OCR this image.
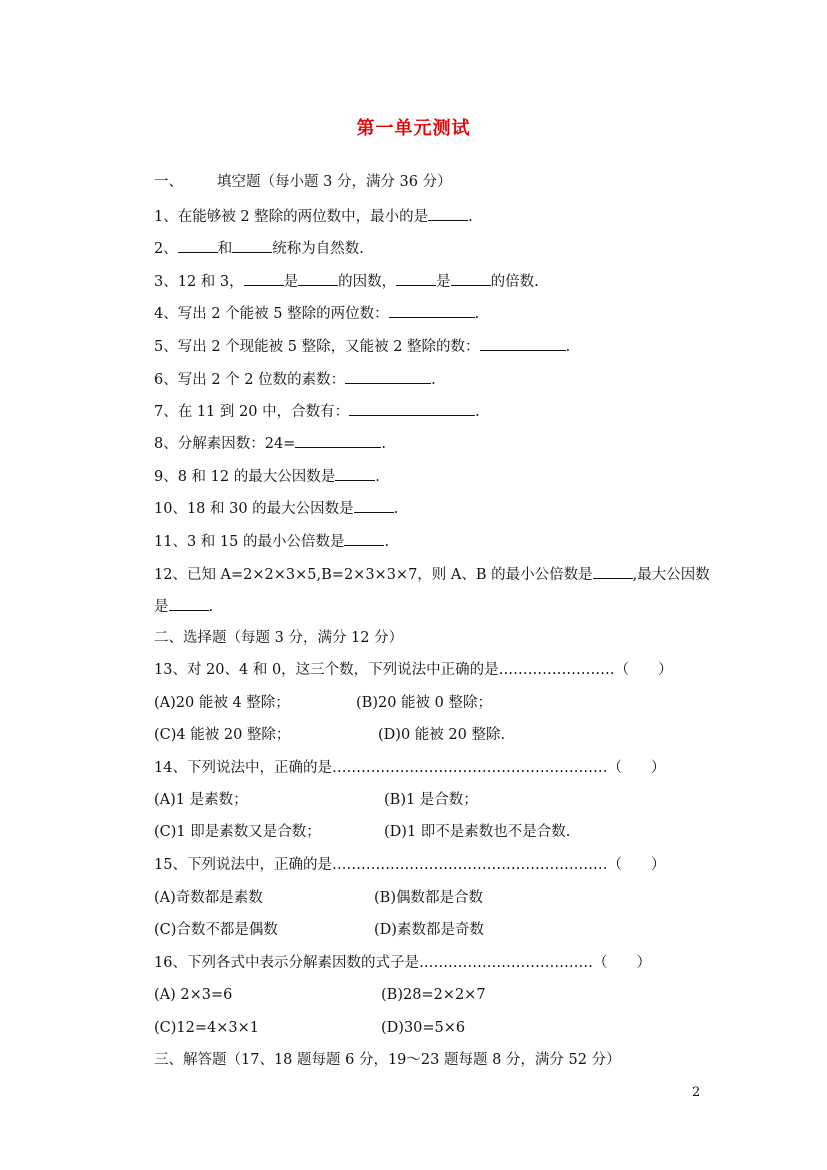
第一单元测试
一、 填空题（每小题 3 分，满分 36 分）
1、在能够被 2 整除的两位数中，最小的是	.
2、	和	统称为自然数.
3、12 和 3，	是	的因数，	是	的倍数.
4、写出 2 个能被 5 整除的两位数：	.
5、写出 2 个现能被 5 整除，又能被 2 整除的数：	.
6、写出 2 个 2 位数的素数：	.
7、在 11 到 20 中，合数有：	.
8、分解素因数：24=	.
9、8 和 12 的最大公因数是	.
10、18 和 30 的最大公因数是	.
11、3 和 15 的最小公倍数是	.
12、已知 A=2×2×3×5,B=2×3×3×7，则 A、B 的最小公倍数是	,最大公因数
是	.
二、选择题（每题 3 分，满分 12 分）
13、对 20、4 和 0，这三个数，下列说法中正确的是……………………（　　）
(A)20 能被 4 整除；	(B)20 能被 0 整除；
(C)4 能被 20 整除；	(D)0 能被 20 整除.
14、下列说法中，正确的是…………………………………………………（　　）
(A)1 是素数；	(B)1 是合数；
(C)1 即是素数又是合数；	(D)1 即不是素数也不是合数.
15、下列说法中，正确的是…………………………………………………（　　）
(A)奇数都是素数	(B)偶数都是合数
(C)合数不都是偶数	(D)素数都是奇数
16、下列各式中表示分解素因数的式子是………………………………（　　）
(A) 2×3=6	(B)28=2×2×7
(C)12=4×3×1	(D)30=5×6
三、解答题（17、18 题每题 6 分，19～23 题每题 8 分，满分 52 分）
2
